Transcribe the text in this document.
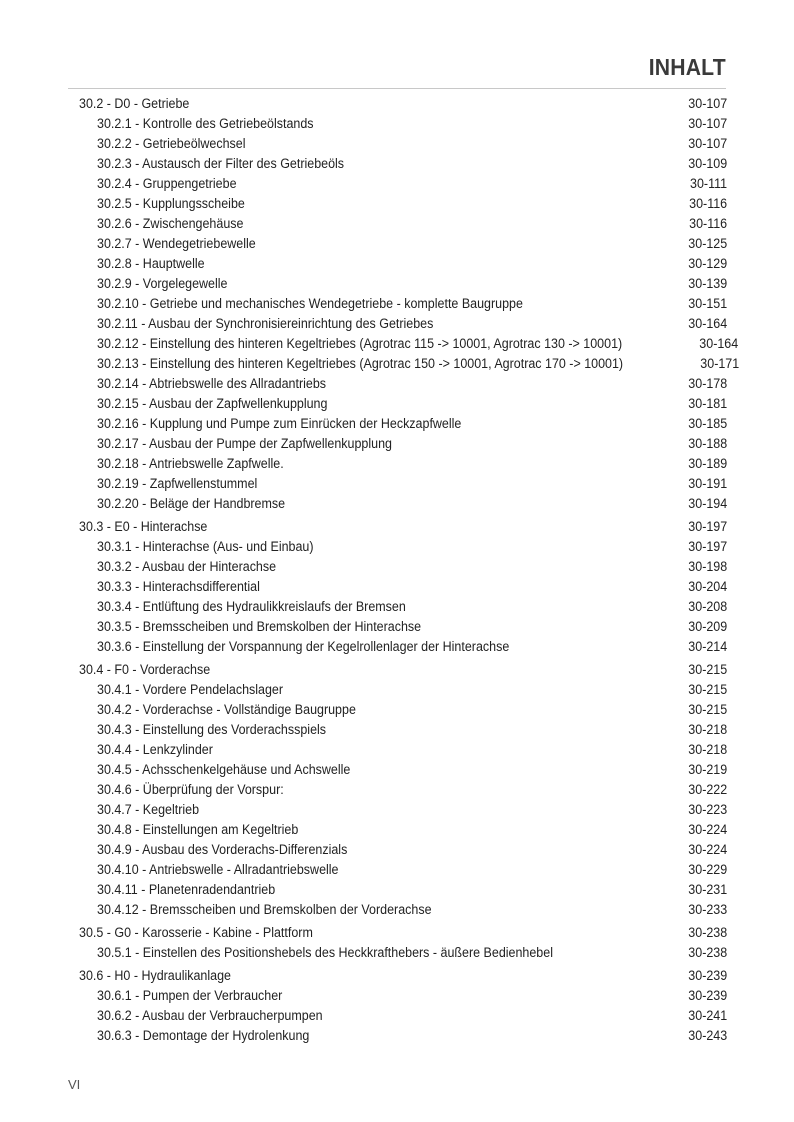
INHALT
30.2 - D0 - Getriebe	30-107
30.2.1 - Kontrolle des Getriebeölstands	30-107
30.2.2 - Getriebeölwechsel	30-107
30.2.3 - Austausch der Filter des Getriebeöls	30-109
30.2.4 - Gruppengetriebe	30-111
30.2.5 - Kupplungsscheibe	30-116
30.2.6 - Zwischengehäuse	30-116
30.2.7 - Wendegetriebewelle	30-125
30.2.8 - Hauptwelle	30-129
30.2.9 - Vorgelegewelle	30-139
30.2.10 - Getriebe und mechanisches Wendegetriebe - komplette Baugruppe	30-151
30.2.11 - Ausbau der Synchronisiereinrichtung des Getriebes	30-164
30.2.12 - Einstellung des hinteren Kegeltriebes (Agrotrac 115 -> 10001, Agrotrac 130 -> 10001)	30-164
30.2.13 - Einstellung des hinteren Kegeltriebes (Agrotrac 150 -> 10001, Agrotrac 170 -> 10001)	30-171
30.2.14 - Abtriebswelle des Allradantriebs	30-178
30.2.15 - Ausbau der Zapfwellenkupplung	30-181
30.2.16 - Kupplung und Pumpe zum Einrücken der Heckzapfwelle	30-185
30.2.17 - Ausbau der Pumpe der Zapfwellenkupplung	30-188
30.2.18 - Antriebswelle Zapfwelle.	30-189
30.2.19 - Zapfwellenstummel	30-191
30.2.20 - Beläge der Handbremse	30-194
30.3 - E0 - Hinterachse	30-197
30.3.1 - Hinterachse (Aus- und Einbau)	30-197
30.3.2 - Ausbau der Hinterachse	30-198
30.3.3 - Hinterachsdifferential	30-204
30.3.4 - Entlüftung des Hydraulikkreislaufs der Bremsen	30-208
30.3.5 - Bremsscheiben und Bremskolben der Hinterachse	30-209
30.3.6 - Einstellung der Vorspannung der Kegelrollenlager der Hinterachse	30-214
30.4 - F0 - Vorderachse	30-215
30.4.1 - Vordere Pendelachslager	30-215
30.4.2 - Vorderachse - Vollständige Baugruppe	30-215
30.4.3 - Einstellung des Vorderachsspiels	30-218
30.4.4 - Lenkzylinder	30-218
30.4.5 - Achsschenkelgehäuse und Achswelle	30-219
30.4.6 - Überprüfung der Vorspur:	30-222
30.4.7 - Kegeltrieb	30-223
30.4.8 - Einstellungen am Kegeltrieb	30-224
30.4.9 - Ausbau des Vorderachs-Differenzials	30-224
30.4.10 - Antriebswelle - Allradantriebswelle	30-229
30.4.11 - Planetenradendantrieb	30-231
30.4.12 - Bremsscheiben und Bremskolben der Vorderachse	30-233
30.5 - G0 - Karosserie - Kabine - Plattform	30-238
30.5.1 - Einstellen des Positionshebels des Heckkrafthebers - äußere Bedienhebel	30-238
30.6 - H0 - Hydraulikanlage	30-239
30.6.1 - Pumpen der Verbraucher	30-239
30.6.2 - Ausbau der Verbraucherpumpen	30-241
30.6.3 - Demontage der Hydrolenkung	30-243
VI
